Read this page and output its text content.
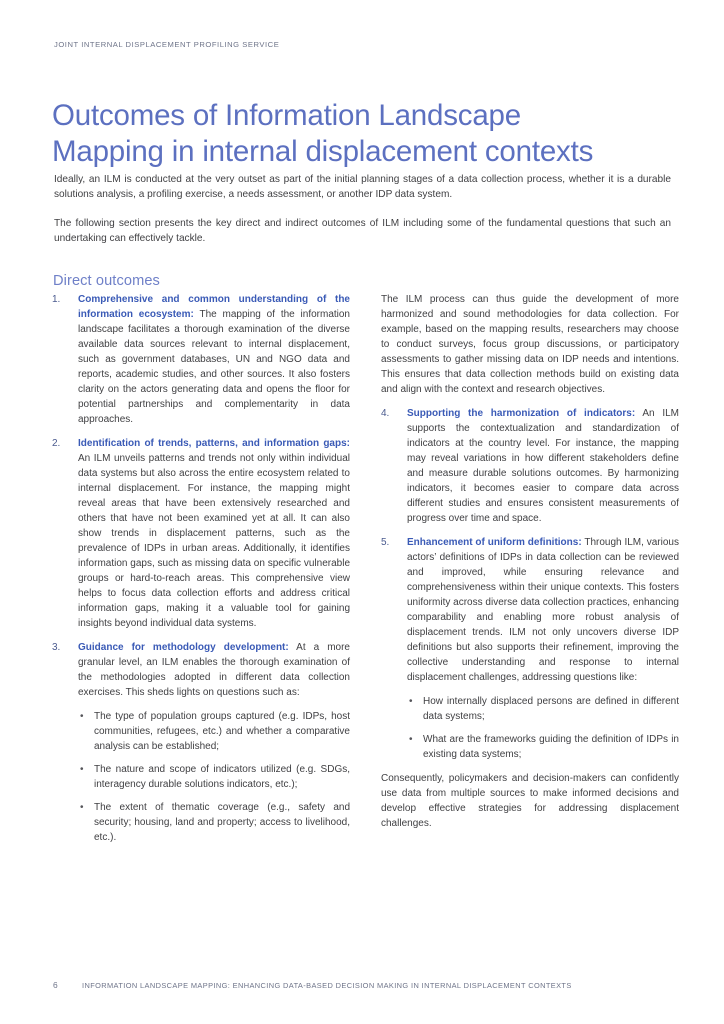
JOINT INTERNAL DISPLACEMENT PROFILING SERVICE
Outcomes of Information Landscape
Mapping in internal displacement contexts

Ideally, an ILM is conducted at the very outset as part of the initial planning stages of a data collection process, whether it is a durable solutions analysis, a profiling exercise, a needs assessment, or another IDP data system.

The following section presents the key direct and indirect outcomes of ILM including some of the fundamental questions that such an undertaking can effectively tackle.

Direct outcomes
1.	Comprehensive and common understanding of the information ecosystem: The mapping of the information landscape facilitates a thorough examination of the diverse available data sources relevant to internal displacement, such as government databases, UN and NGO data and reports, academic studies, and other sources. It also fosters clarity on the actors generating data and opens the floor for potential partnerships and complementarity in data approaches.

2.	Identification of trends, patterns, and information gaps: An ILM unveils patterns and trends not only within individual data systems but also across the entire ecosystem related to internal displacement. For instance, the mapping might reveal areas that have been extensively researched and others that have not been examined yet at all. It can also show trends in displacement patterns, such as the prevalence of IDPs in urban areas. Additionally, it identifies information gaps, such as missing data on specific vulnerable groups or hard-to-reach areas. This comprehensive view helps to focus data collection efforts and address critical information gaps, making it a valuable tool for gaining insights beyond individual data systems.

3.	Guidance for methodology development: At a more granular level, an ILM enables the thorough examination of the methodologies adopted in different data collection exercises. This sheds lights on questions such as:

• The type of population groups captured (e.g. IDPs, host communities, refugees, etc.) and whether a comparative analysis can be established;
• The nature and scope of indicators utilized (e.g. SDGs, interagency durable solutions indicators, etc.);
• The extent of thematic coverage (e.g., safety and security; housing, land and property; access to livelihood, etc.).

The ILM process can thus guide the development of more harmonized and sound methodologies for data collection. For example, based on the mapping results, researchers may choose to conduct surveys, focus group discussions, or participatory assessments to gather missing data on IDP needs and intentions. This ensures that data collection methods build on existing data and align with the context and research objectives.

4.	Supporting the harmonization of indicators: An ILM supports the contextualization and standardization of indicators at the country level. For instance, the mapping may reveal variations in how different stakeholders define and measure durable solutions outcomes. By harmonizing indicators, it becomes easier to compare data across different studies and ensures consistent measurements of progress over time and space.

5.	Enhancement of uniform definitions: Through ILM, various actors’ definitions of IDPs in data collection can be reviewed and improved, while ensuring relevance and comprehensiveness within their unique contexts. This fosters uniformity across diverse data collection practices, enhancing comparability and enabling more robust analysis of displacement trends. ILM not only uncovers diverse IDP definitions but also supports their refinement, improving the collective understanding and response to internal displacement challenges, addressing questions like:

• How internally displaced persons are defined in different data systems;
• What are the frameworks guiding the definition of IDPs in existing data systems;

Consequently, policymakers and decision-makers can confidently use data from multiple sources to make informed decisions and develop effective strategies for addressing displacement challenges.

6	INFORMATION LANDSCAPE MAPPING: ENHANCING DATA-BASED DECISION MAKING IN INTERNAL DISPLACEMENT CONTEXTS
